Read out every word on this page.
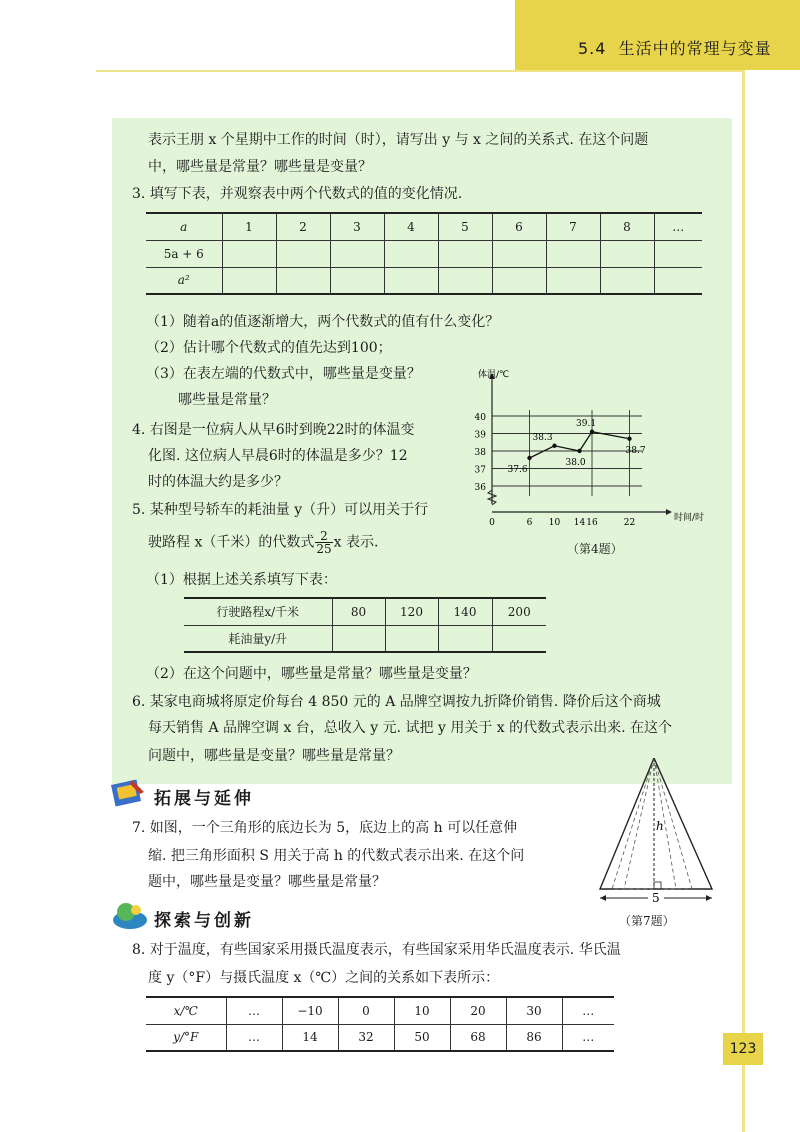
5.4 生活中的常理与变量
表示王朋 x 个星期中工作的时间（时），请写出 y 与 x 之间的关系式. 在这个问题
中，哪些量是常量？哪些量是变量？
3. 填写下表，并观察表中两个代数式的值的变化情况.
a	1	2	3	4	5	6	7	8	…
5a + 6									
a²									
（1）随着a的值逐渐增大，两个代数式的值有什么变化？
（2）估计哪个代数式的值先达到100；
（3）在表左端的代数式中，哪些量是变量？
哪些量是常量？
4. 右图是一位病人从早6时到晚22时的体温变
化图. 这位病人早晨6时的体温是多少？12
时的体温大约是多少？	36
37
38
39
40
体温/℃
时间/时
0	6 10 14 16	22
37.6
38.3
38.0
39.1
38.7
（第4题）
5. 某种型号轿车的耗油量 y（升）可以用关于行
驶路程 x（千米）的代数式 $\frac{2}{25}$ x 表示.
（1）根据上述关系填写下表：
行驶路程x/千米	80	120	140	200
耗油量y/升				
（2）在这个问题中，哪些量是常量？哪些量是变量？
6. 某家电商城将原定价每台 4 850 元的 A 品牌空调按九折降价销售. 降价后这个商城
每天销售 A 品牌空调 x 台，总收入 y 元. 试把 y 用关于 x 的代数式表示出来. 在这个
问题中，哪些量是变量？哪些量是常量？
拓展与延伸
7. 如图，一个三角形的底边长为 5，底边上的高 h 可以任意伸
缩. 把三角形面积 S 用关于高 h 的代数式表示出来. 在这个问
题中，哪些量是变量？哪些量是常量？
h
5
（第7题）
探索与创新
8. 对于温度，有些国家采用摄氏温度表示，有些国家采用华氏温度表示. 华氏温
度 y（°F）与摄氏温度 x（℃）之间的关系如下表所示：
x/℃	…	−10	0	10	20	30	…
y/°F	…	14	32	50	68	86	…
123
